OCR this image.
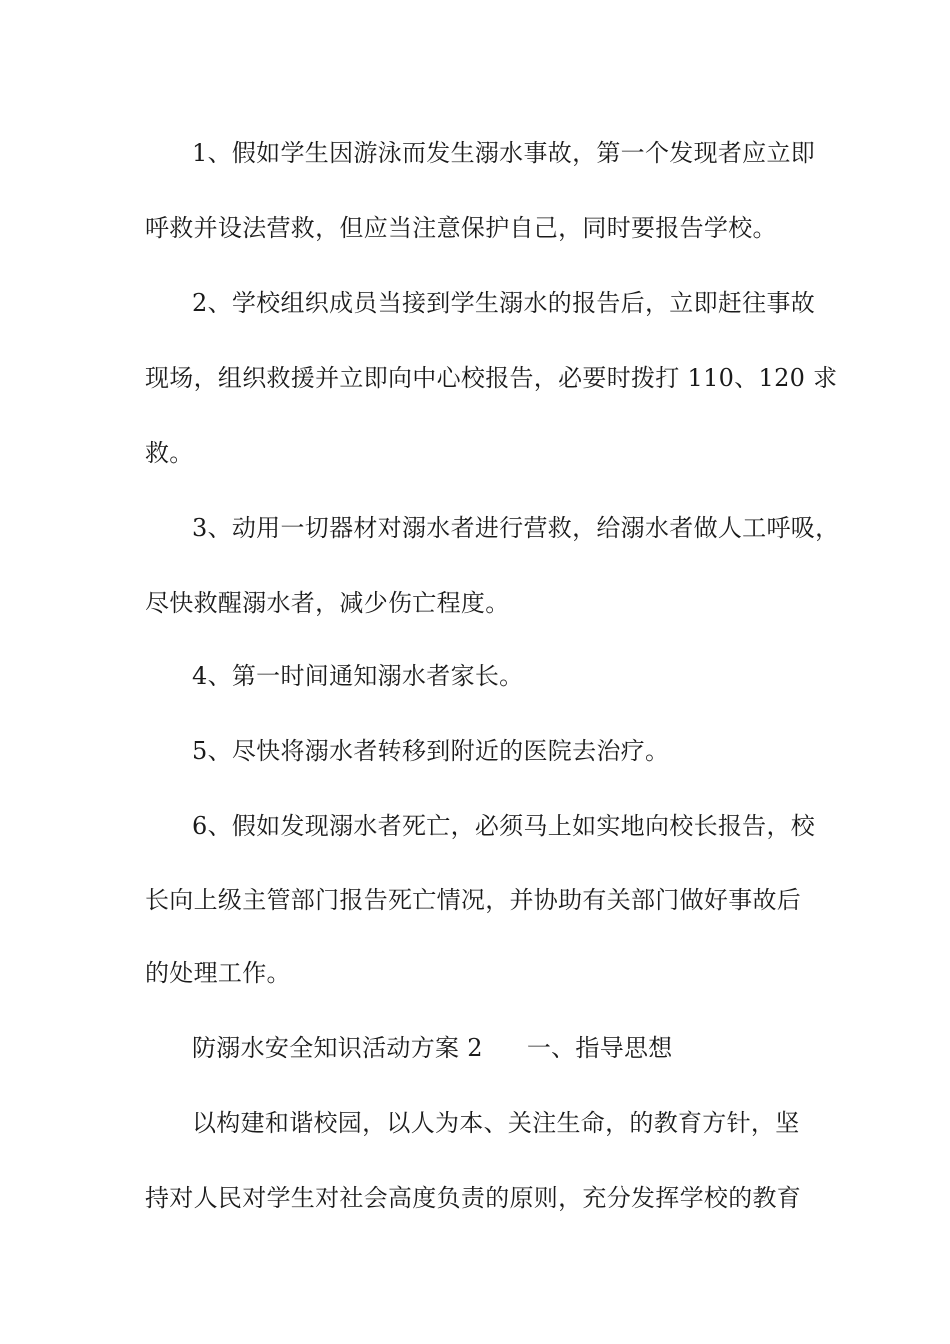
1、假如学生因游泳而发生溺水事故，第一个发现者应立即
呼救并设法营救，但应当注意保护自己，同时要报告学校。
2、学校组织成员当接到学生溺水的报告后，立即赶往事故
现场，组织救援并立即向中心校报告，必要时拨打 110、120 求
救。
3、动用一切器材对溺水者进行营救，给溺水者做人工呼吸，
尽快救醒溺水者，减少伤亡程度。
4、第一时间通知溺水者家长。
5、尽快将溺水者转移到附近的医院去治疗。
6、假如发现溺水者死亡，必须马上如实地向校长报告，校
长向上级主管部门报告死亡情况，并协助有关部门做好事故后
的处理工作。
防溺水安全知识活动方案 2 一、指导思想
以构建和谐校园，以人为本、关注生命，的教育方针，坚
持对人民对学生对社会高度负责的原则，充分发挥学校的教育
